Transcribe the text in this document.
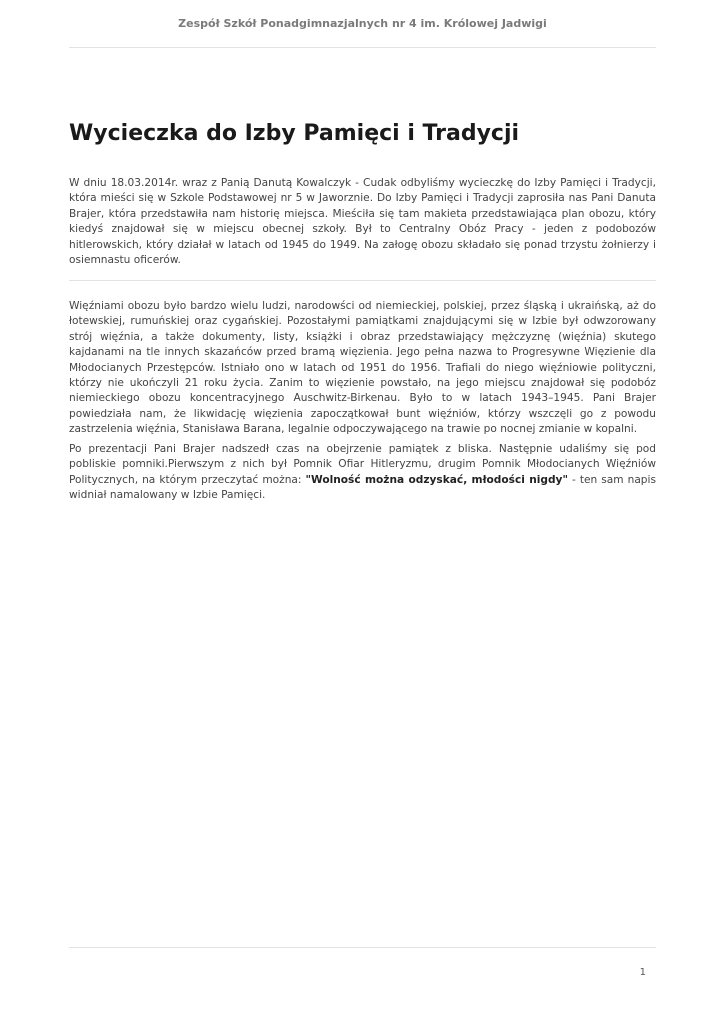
Zespół Szkół Ponadgimnazjalnych nr 4 im. Królowej Jadwigi
Wycieczka do Izby Pamięci i Tradycji

W dniu 18.03.2014r. wraz z Panią Danutą Kowalczyk - Cudak odbyliśmy wycieczkę do Izby Pamięci i Tradycji, która mieści się w Szkole Podstawowej nr 5 w Jaworznie. Do Izby Pamięci i Tradycji zaprosiła nas Pani Danuta Brajer, która przedstawiła nam historię miejsca. Mieściła się tam makieta przedstawiająca plan obozu, który kiedyś znajdował się w miejscu obecnej szkoły. Był to Centralny Obóz Pracy - jeden z podobozów hitlerowskich, który działał w latach od 1945 do 1949. Na załogę obozu składało się ponad trzystu żołnierzy i osiemnastu oficerów.

Więźniami obozu było bardzo wielu ludzi, narodowści od niemieckiej, polskiej, przez śląską i ukraińską, aż do łotewskiej, rumuńskiej oraz cygańskiej. Pozostałymi pamiątkami znajdującymi się w Izbie był odwzorowany strój więźnia, a także dokumenty, listy, książki i obraz przedstawiający mężczyznę (więźnia) skutego kajdanami na tle innych skazańców przed bramą więzienia. Jego pełna nazwa to Progresywne Więzienie dla Młodocianych Przestępców. Istniało ono w latach od 1951 do 1956. Trafiali do niego więźniowie polityczni, którzy nie ukończyli 21 roku życia. Zanim to więzienie powstało, na jego miejscu znajdował się podobóz niemieckiego obozu koncentracyjnego Auschwitz-Birkenau. Było to w latach 1943–1945. Pani Brajer powiedziała nam, że likwidację więzienia zapoczątkował bunt więźniów, którzy wszczęli go z powodu zastrzelenia więźnia, Stanisława Barana, legalnie odpoczywającego na trawie po nocnej zmianie w kopalni.

Po prezentacji Pani Brajer nadszedł czas na obejrzenie pamiątek z bliska. Następnie udaliśmy się pod pobliskie pomniki.Pierwszym z nich był Pomnik Ofiar Hitleryzmu, drugim Pomnik Młodocianych Więźniów Politycznych, na którym przeczytać można: "Wolność można odzyskać, młodości nigdy" - ten sam napis widniał namalowany w Izbie Pamięci.

1
